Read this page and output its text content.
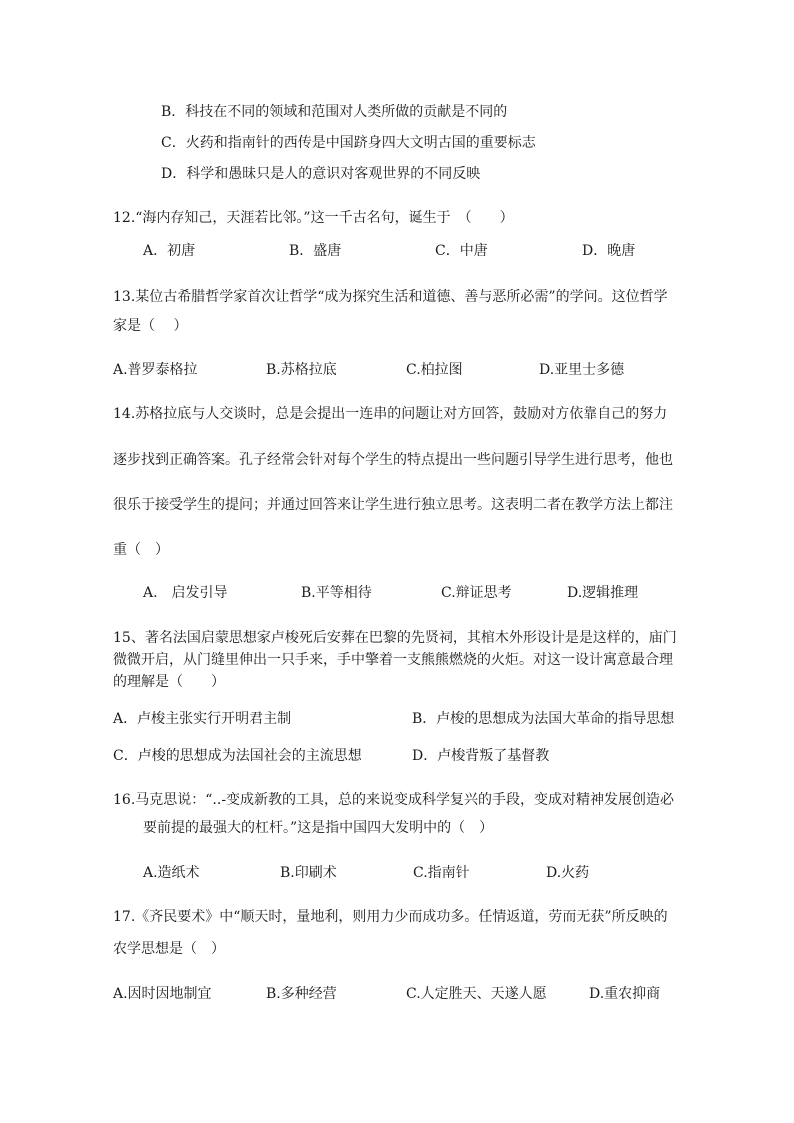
B．科技在不同的领域和范围对人类所做的贡献是不同的
C．火药和指南针的西传是中国跻身四大文明古国的重要标志
D．科学和愚昧只是人的意识对客观世界的不同反映
12.“海内存知己，天涯若比邻。”这一千古名句，诞生于　（　　）
A．初唐	B．盛唐	C．中唐	D．晚唐
13.某位古希腊哲学家首次让哲学“成为探究生活和道德、善与恶所必需”的学问。这位哲学
家是（　 ）
A.普罗泰格拉	B.苏格拉底	C.柏拉图	D.亚里士多德
14.苏格拉底与人交谈时，总是会提出一连串的问题让对方回答，鼓励对方依靠自己的努力
逐步找到正确答案。孔子经常会针对每个学生的特点提出一些问题引导学生进行思考，他也
很乐于接受学生的提问；并通过回答来让学生进行独立思考。这表明二者在教学方法上都注
重（　）
A.　启发引导	B.平等相待	C.辩证思考	D.逻辑推理
15、著名法国启蒙思想家卢梭死后安葬在巴黎的先贤祠，其棺木外形设计是是这样的，庙门
微微开启，从门缝里伸出一只手来，手中擎着一支熊熊燃烧的火炬。对这一设计寓意最合理
的理解是（　　）
A．卢梭主张实行开明君主制	B．卢梭的思想成为法国大革命的指导思想
C．卢梭的思想成为法国社会的主流思想	D．卢梭背叛了基督教
16.马克思说：“..-变成新教的工具，总的来说变成科学复兴的手段，变成对精神发展创造必
要前提的最强大的杠杆。”这是指中国四大发明中的（　）
A.造纸术	B.印刷术	C.指南针	D.火药
17.《齐民要术》中“顺天时，量地利，则用力少而成功多。任情返道，劳而无获”所反映的
农学思想是（　）
A.因时因地制宜	B.多种经营	C.人定胜天、天遂人愿	D.重农抑商
